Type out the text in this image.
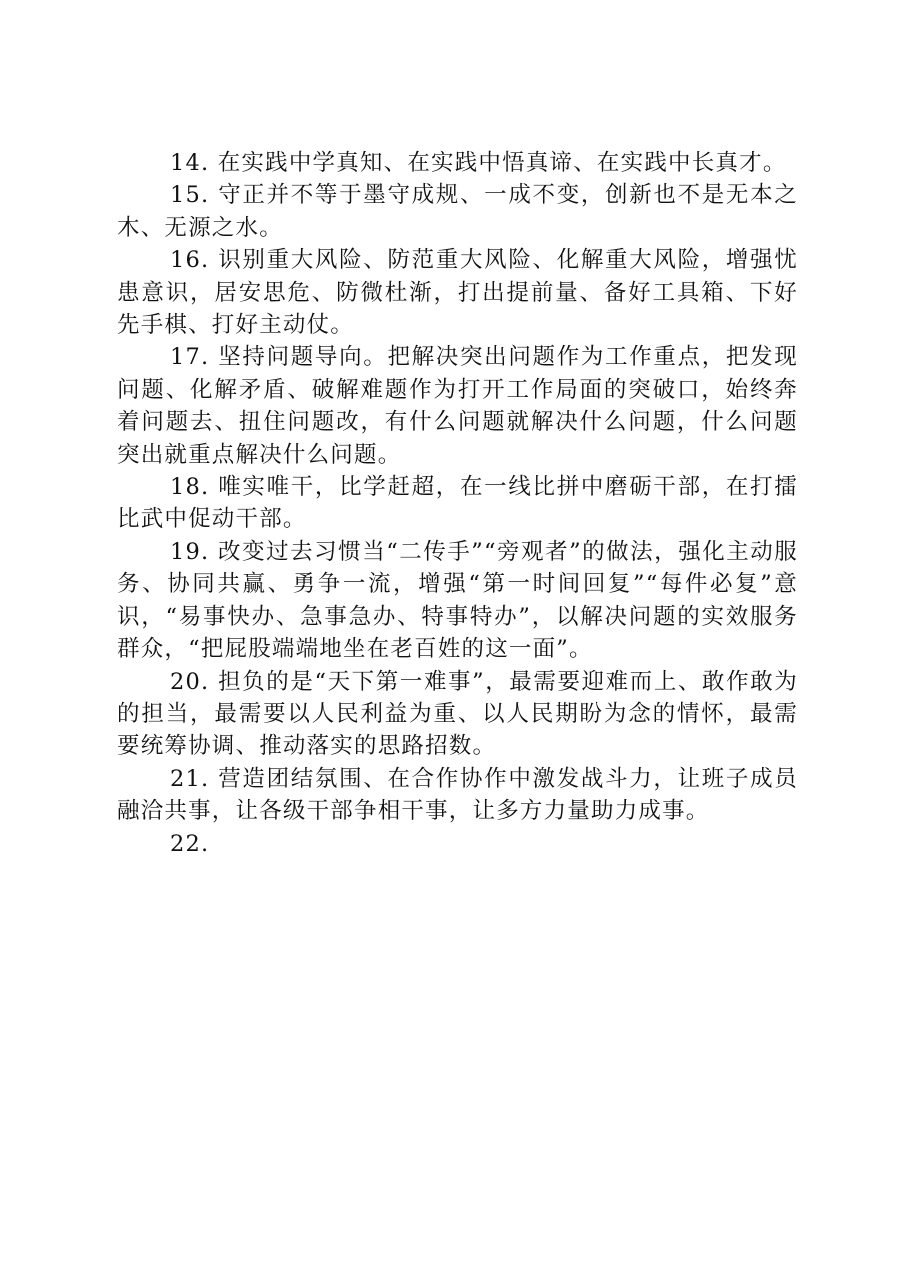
14. 在实践中学真知、在实践中悟真谛、在实践中长真才。

15. 守正并不等于墨守成规、一成不变，创新也不是无本之木、无源之水。

16. 识别重大风险、防范重大风险、化解重大风险，增强忧患意识，居安思危、防微杜渐，打出提前量、备好工具箱、下好先手棋、打好主动仗。

17. 坚持问题导向。把解决突出问题作为工作重点，把发现问题、化解矛盾、破解难题作为打开工作局面的突破口，始终奔着问题去、扭住问题改，有什么问题就解决什么问题，什么问题突出就重点解决什么问题。

18. 唯实唯干，比学赶超，在一线比拼中磨砺干部，在打擂比武中促动干部。

19. 改变过去习惯当“二传手”“旁观者”的做法，强化主动服务、协同共赢、勇争一流，增强“第一时间回复”“每件必复”意识，“易事快办、急事急办、特事特办”，以解决问题的实效服务群众，“把屁股端端地坐在老百姓的这一面”。

20. 担负的是“天下第一难事”，最需要迎难而上、敢作敢为的担当，最需要以人民利益为重、以人民期盼为念的情怀，最需要统筹协调、推动落实的思路招数。

21. 营造团结氛围、在合作协作中激发战斗力，让班子成员融洽共事，让各级干部争相干事，让多方力量助力成事。

22.
